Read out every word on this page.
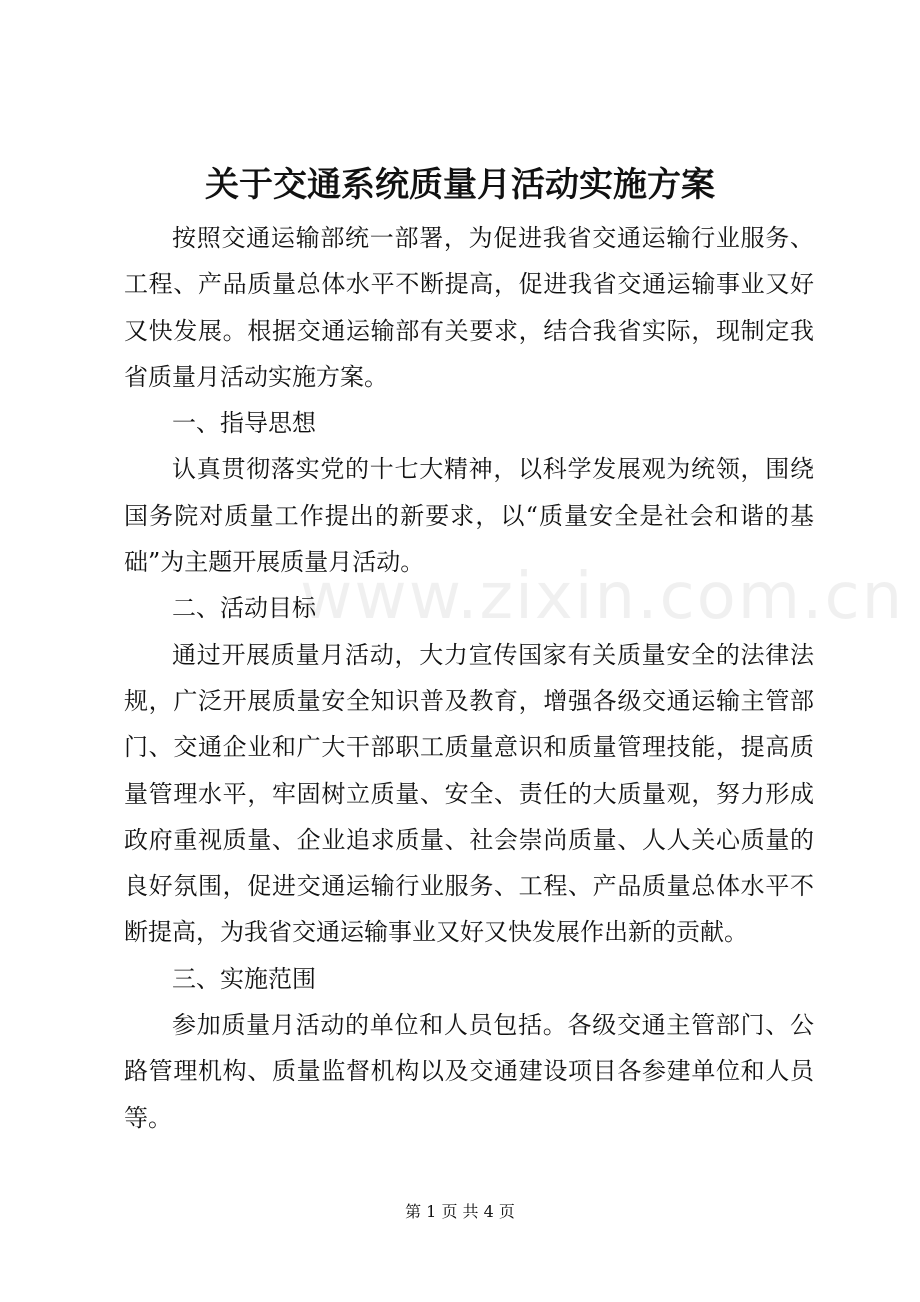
www.zixin.com.cn
关于交通系统质量月活动实施方案

按照交通运输部统一部署，为促进我省交通运输行业服务、工程、产品质量总体水平不断提高，促进我省交通运输事业又好又快发展。根据交通运输部有关要求，结合我省实际，现制定我省质量月活动实施方案。

一、指导思想

认真贯彻落实党的十七大精神，以科学发展观为统领，围绕国务院对质量工作提出的新要求，以“质量安全是社会和谐的基础”为主题开展质量月活动。

二、活动目标

通过开展质量月活动，大力宣传国家有关质量安全的法律法规，广泛开展质量安全知识普及教育，增强各级交通运输主管部门、交通企业和广大干部职工质量意识和质量管理技能，提高质量管理水平，牢固树立质量、安全、责任的大质量观，努力形成政府重视质量、企业追求质量、社会崇尚质量、人人关心质量的良好氛围，促进交通运输行业服务、工程、产品质量总体水平不断提高，为我省交通运输事业又好又快发展作出新的贡献。

三、实施范围

参加质量月活动的单位和人员包括。各级交通主管部门、公路管理机构、质量监督机构以及交通建设项目各参建单位和人员等。

第 1 页 共 4 页
